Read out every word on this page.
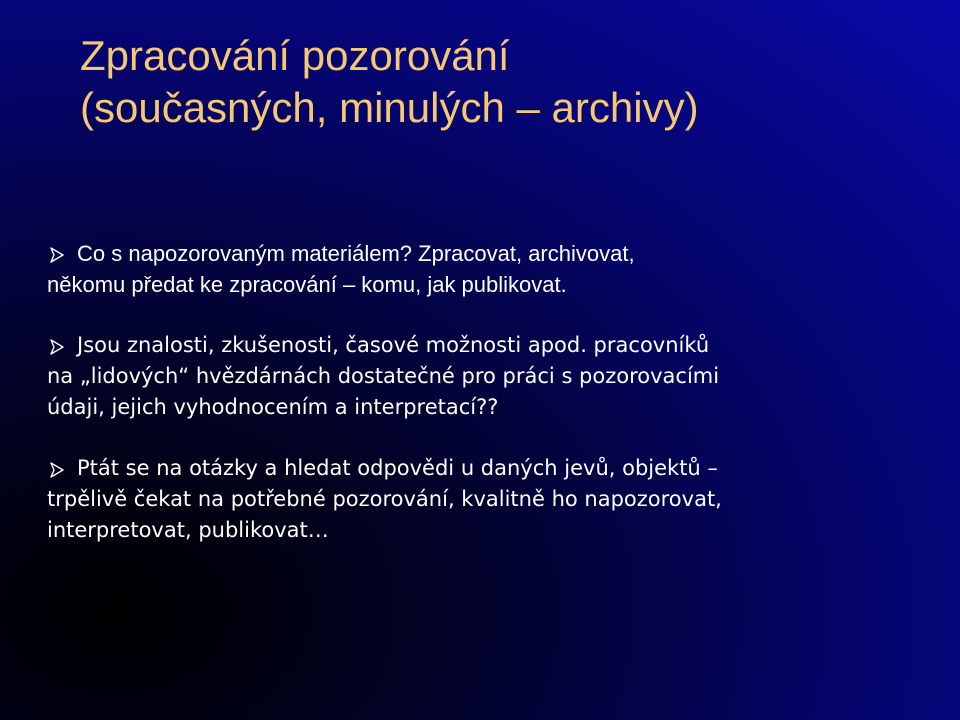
Zpracování pozorování
(současných, minulých – archivy)
Co s napozorovaným materiálem? Zpracovat, archivovat,
někomu předat ke zpracování – komu, jak publikovat.
Jsou znalosti, zkušenosti, časové možnosti apod. pracovníků
na „lidových“ hvězdárnách dostatečné pro práci s pozorovacími
údaji, jejich vyhodnocením a interpretací??
Ptát se na otázky a hledat odpovědi u daných jevů, objektů –
trpělivě čekat na potřebné pozorování, kvalitně ho napozorovat,
interpretovat, publikovat…
